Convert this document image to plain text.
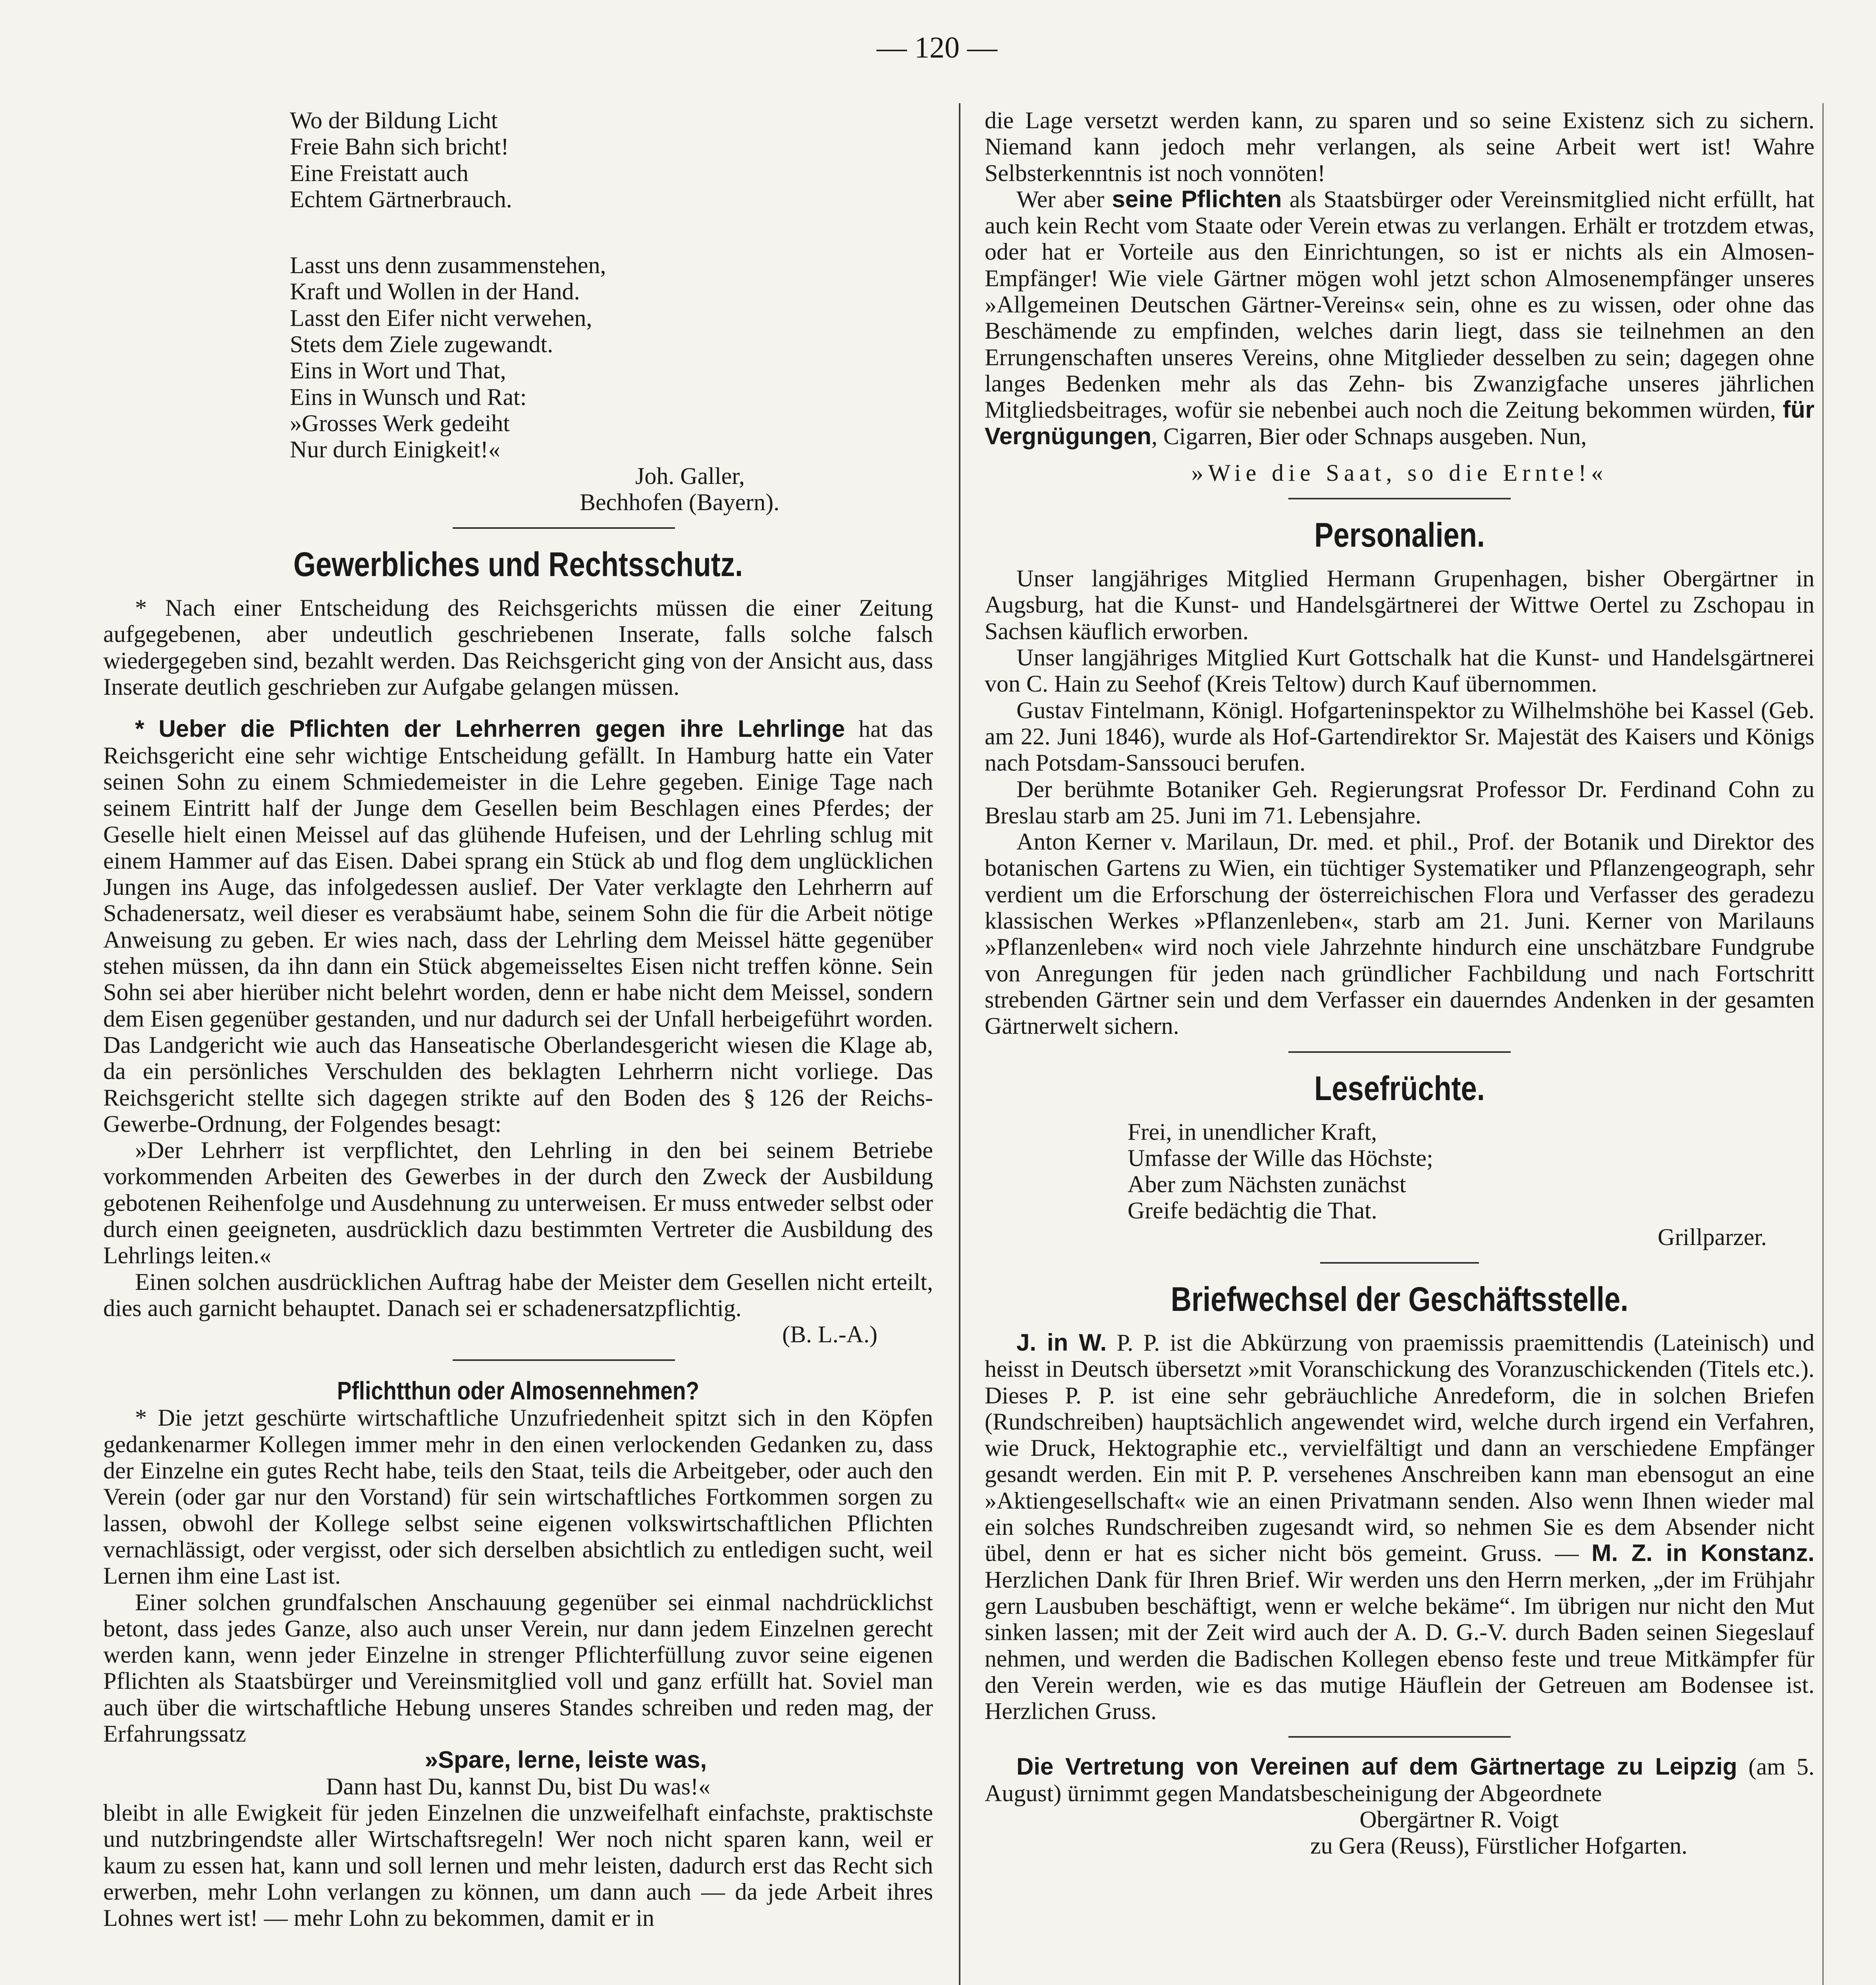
— 120 —
Wo der Bildung Licht
Freie Bahn sich bricht!
Eine Freistatt auch
Echtem Gärtnerbrauch.
Lasst uns denn zusammenstehen,
Kraft und Wollen in der Hand.
Lasst den Eifer nicht verwehen,
Stets dem Ziele zugewandt.
Eins in Wort und That,
Eins in Wunsch und Rat:
»Grosses Werk gedeiht
Nur durch Einigkeit!«
Joh. Galler,
Bechhofen (Bayern).
Gewerbliches und Rechtsschutz.

* Nach einer Entscheidung des Reichsgerichts müssen die einer Zeitung aufgegebenen, aber undeutlich geschriebenen Inserate, falls solche falsch wiedergegeben sind, bezahlt werden. Das Reichsgericht ging von der Ansicht aus, dass Inserate deutlich geschrieben zur Aufgabe gelangen müssen.

* Ueber die Pflichten der Lehrherren gegen ihre Lehrlinge hat das Reichsgericht eine sehr wichtige Entscheidung gefällt. In Hamburg hatte ein Vater seinen Sohn zu einem Schmiedemeister in die Lehre gegeben. Einige Tage nach seinem Eintritt half der Junge dem Gesellen beim Beschlagen eines Pferdes; der Geselle hielt einen Meissel auf das glühende Hufeisen, und der Lehrling schlug mit einem Hammer auf das Eisen. Dabei sprang ein Stück ab und flog dem unglücklichen Jungen ins Auge, das infolgedessen auslief. Der Vater verklagte den Lehrherrn auf Schadenersatz, weil dieser es verabsäumt habe, seinem Sohn die für die Arbeit nötige Anweisung zu geben. Er wies nach, dass der Lehrling dem Meissel hätte gegenüber stehen müssen, da ihn dann ein Stück abgemeisseltes Eisen nicht treffen könne. Sein Sohn sei aber hierüber nicht belehrt worden, denn er habe nicht dem Meissel, sondern dem Eisen gegenüber gestanden, und nur dadurch sei der Unfall herbeigeführt worden. Das Landgericht wie auch das Hanseatische Oberlandesgericht wiesen die Klage ab, da ein persönliches Verschulden des beklagten Lehrherrn nicht vorliege. Das Reichsgericht stellte sich dagegen strikte auf den Boden des § 126 der Reichs-Gewerbe-Ordnung, der Folgendes besagt:

»Der Lehrherr ist verpflichtet, den Lehrling in den bei seinem Betriebe vorkommenden Arbeiten des Gewerbes in der durch den Zweck der Ausbildung gebotenen Reihenfolge und Ausdehnung zu unterweisen. Er muss entweder selbst oder durch einen geeigneten, ausdrücklich dazu bestimmten Vertreter die Ausbildung des Lehrlings leiten.«

Einen solchen ausdrücklichen Auftrag habe der Meister dem Gesellen nicht erteilt, dies auch garnicht behauptet. Danach sei er schadenersatzpflichtig.

(B. L.-A.)

Pflichtthun oder Almosennehmen?

* Die jetzt geschürte wirtschaftliche Unzufriedenheit spitzt sich in den Köpfen gedankenarmer Kollegen immer mehr in den einen verlockenden Gedanken zu, dass der Einzelne ein gutes Recht habe, teils den Staat, teils die Arbeitgeber, oder auch den Verein (oder gar nur den Vorstand) für sein wirtschaftliches Fortkommen sorgen zu lassen, obwohl der Kollege selbst seine eigenen volkswirtschaftlichen Pflichten vernachlässigt, oder vergisst, oder sich derselben absichtlich zu entledigen sucht, weil Lernen ihm eine Last ist.

Einer solchen grundfalschen Anschauung gegenüber sei einmal nachdrücklichst betont, dass jedes Ganze, also auch unser Verein, nur dann jedem Einzelnen gerecht werden kann, wenn jeder Einzelne in strenger Pflichterfüllung zuvor seine eigenen Pflichten als Staatsbürger und Vereinsmitglied voll und ganz erfüllt hat. Soviel man auch über die wirtschaftliche Hebung unseres Standes schreiben und reden mag, der Erfahrungssatz

»Spare, lerne, leiste was,

Dann hast Du, kannst Du, bist Du was!«

bleibt in alle Ewigkeit für jeden Einzelnen die unzweifelhaft einfachste, praktischste und nutzbringendste aller Wirtschaftsregeln! Wer noch nicht sparen kann, weil er kaum zu essen hat, kann und soll lernen und mehr leisten, dadurch erst das Recht sich erwerben, mehr Lohn verlangen zu können, um dann auch — da jede Arbeit ihres Lohnes wert ist! — mehr Lohn zu bekommen, damit er in

die Lage versetzt werden kann, zu sparen und so seine Existenz sich zu sichern. Niemand kann jedoch mehr verlangen, als seine Arbeit wert ist! Wahre Selbsterkenntnis ist noch vonnöten!

Wer aber seine Pflichten als Staatsbürger oder Vereinsmitglied nicht erfüllt, hat auch kein Recht vom Staate oder Verein etwas zu verlangen. Erhält er trotzdem etwas, oder hat er Vorteile aus den Einrichtungen, so ist er nichts als ein Almosen-Empfänger! Wie viele Gärtner mögen wohl jetzt schon Almosenempfänger unseres »Allgemeinen Deutschen Gärtner-Vereins« sein, ohne es zu wissen, oder ohne das Beschämende zu empfinden, welches darin liegt, dass sie teilnehmen an den Errungenschaften unseres Vereins, ohne Mitglieder desselben zu sein; dagegen ohne langes Bedenken mehr als das Zehn- bis Zwanzigfache unseres jährlichen Mitgliedsbeitrages, wofür sie nebenbei auch noch die Zeitung bekommen würden, für Vergnügungen, Cigarren, Bier oder Schnaps ausgeben. Nun,

»Wie die Saat, so die Ernte!«

Personalien.

Unser langjähriges Mitglied Hermann Grupenhagen, bisher Obergärtner in Augsburg, hat die Kunst- und Handelsgärtnerei der Wittwe Oertel zu Zschopau in Sachsen käuflich erworben.

Unser langjähriges Mitglied Kurt Gottschalk hat die Kunst- und Handelsgärtnerei von C. Hain zu Seehof (Kreis Teltow) durch Kauf übernommen.

Gustav Fintelmann, Königl. Hofgarteninspektor zu Wilhelmshöhe bei Kassel (Geb. am 22. Juni 1846), wurde als Hof-Gartendirektor Sr. Majestät des Kaisers und Königs nach Potsdam-Sanssouci berufen.

Der berühmte Botaniker Geh. Regierungsrat Professor Dr. Ferdinand Cohn zu Breslau starb am 25. Juni im 71. Lebensjahre.

Anton Kerner v. Marilaun, Dr. med. et phil., Prof. der Botanik und Direktor des botanischen Gartens zu Wien, ein tüchtiger Systematiker und Pflanzengeograph, sehr verdient um die Erforschung der österreichischen Flora und Verfasser des geradezu klassischen Werkes »Pflanzenleben«, starb am 21. Juni. Kerner von Marilauns »Pflanzenleben« wird noch viele Jahrzehnte hindurch eine unschätzbare Fundgrube von Anregungen für jeden nach gründlicher Fachbildung und nach Fortschritt strebenden Gärtner sein und dem Verfasser ein dauerndes Andenken in der gesamten Gärtnerwelt sichern.

Lesefrüchte.
Frei, in unendlicher Kraft,
Umfasse der Wille das Höchste;
Aber zum Nächsten zunächst
Greife bedächtig die That.

Grillparzer.

Briefwechsel der Geschäftsstelle.

J. in W. P. P. ist die Abkürzung von praemissis praemittendis (Lateinisch) und heisst in Deutsch übersetzt »mit Voranschickung des Voranzuschickenden (Titels etc.). Dieses P. P. ist eine sehr gebräuchliche Anredeform, die in solchen Briefen (Rundschreiben) hauptsächlich angewendet wird, welche durch irgend ein Verfahren, wie Druck, Hektographie etc., vervielfältigt und dann an verschiedene Empfänger gesandt werden. Ein mit P. P. versehenes Anschreiben kann man ebensogut an eine »Aktiengesellschaft« wie an einen Privatmann senden. Also wenn Ihnen wieder mal ein solches Rundschreiben zugesandt wird, so nehmen Sie es dem Absender nicht übel, denn er hat es sicher nicht bös gemeint. Gruss. — M. Z. in Konstanz. Herzlichen Dank für Ihren Brief. Wir werden uns den Herrn merken, „der im Frühjahr gern Lausbuben beschäftigt, wenn er welche bekäme“. Im übrigen nur nicht den Mut sinken lassen; mit der Zeit wird auch der A. D. G.-V. durch Baden seinen Siegeslauf nehmen, und werden die Badischen Kollegen ebenso feste und treue Mitkämpfer für den Verein werden, wie es das mutige Häuflein der Getreuen am Bodensee ist. Herzlichen Gruss.

Die Vertretung von Vereinen auf dem Gärtnertage zu Leipzig (am 5. August) ürnimmt gegen Mandatsbescheinigung der Abgeordnete

Obergärtner R. Voigt

zu Gera (Reuss), Fürstlicher Hofgarten.
